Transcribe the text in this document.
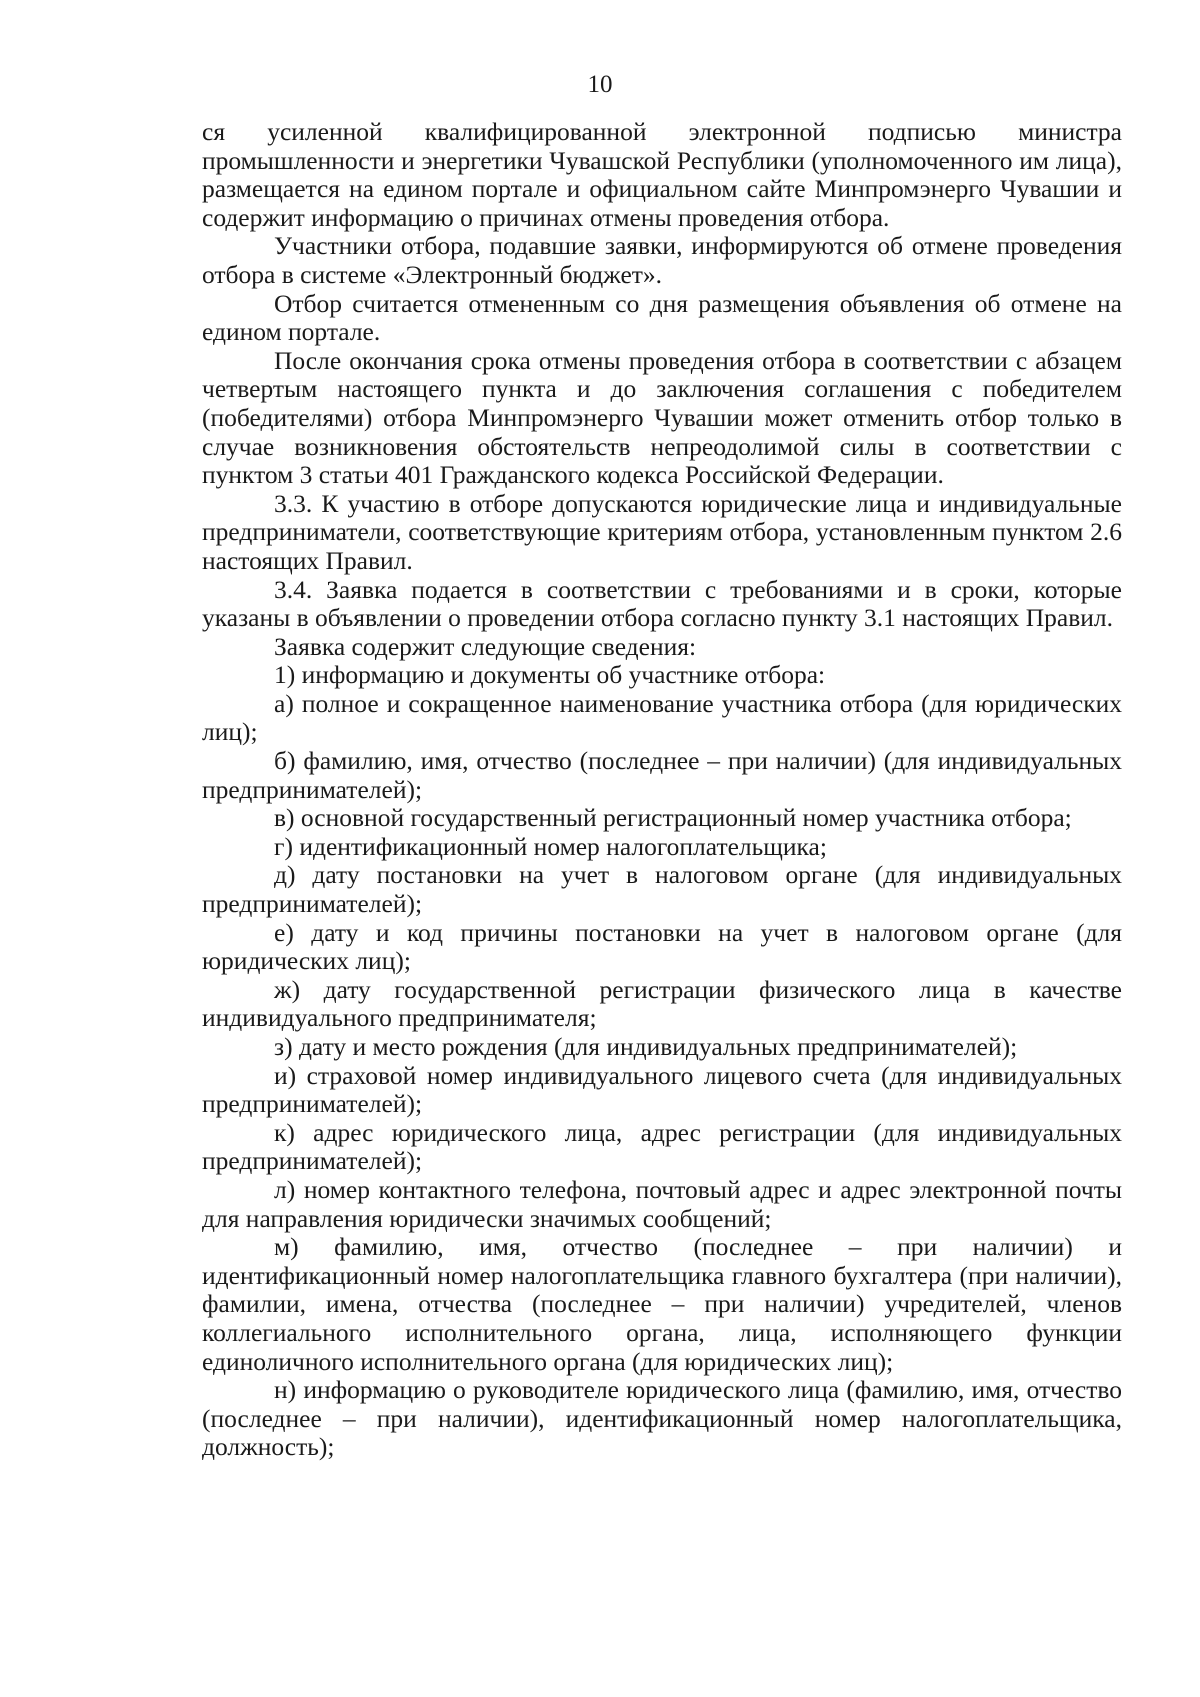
10

ся усиленной квалифицированной электронной подписью министра промышленности и энергетики Чувашской Республики (уполномоченного им лица), размещается на едином портале и официальном сайте Минпромэнерго Чувашии и содержит информацию о причинах отмены проведения отбора.

Участники отбора, подавшие заявки, информируются об отмене проведения отбора в системе «Электронный бюджет».

Отбор считается отмененным со дня размещения объявления об отмене на едином портале.

После окончания срока отмены проведения отбора в соответствии с абзацем четвертым настоящего пункта и до заключения соглашения с победителем (победителями) отбора Минпромэнерго Чувашии может отменить отбор только в случае возникновения обстоятельств непреодолимой силы в соответствии с пунктом 3 статьи 401 Гражданского кодекса Российской Федерации.

3.3. К участию в отборе допускаются юридические лица и индивидуальные предприниматели, соответствующие критериям отбора, установленным пунктом 2.6 настоящих Правил.

3.4. Заявка подается в соответствии с требованиями и в сроки, которые указаны в объявлении о проведении отбора согласно пункту 3.1 настоящих Правил.

Заявка содержит следующие сведения:

1) информацию и документы об участнике отбора:

а) полное и сокращенное наименование участника отбора (для юридических лиц);

б) фамилию, имя, отчество (последнее – при наличии) (для индивидуальных предпринимателей);

в) основной государственный регистрационный номер участника отбора;

г) идентификационный номер налогоплательщика;

д) дату постановки на учет в налоговом органе (для индивидуальных предпринимателей);

е) дату и код причины постановки на учет в налоговом органе (для юридических лиц);

ж) дату государственной регистрации физического лица в качестве индивидуального предпринимателя;

з) дату и место рождения (для индивидуальных предпринимателей);

и) страховой номер индивидуального лицевого счета (для индивидуальных предпринимателей);

к) адрес юридического лица, адрес регистрации (для индивидуальных предпринимателей);

л) номер контактного телефона, почтовый адрес и адрес электронной почты для направления юридически значимых сообщений;

м) фамилию, имя, отчество (последнее – при наличии) и идентификационный номер налогоплательщика главного бухгалтера (при наличии), фамилии, имена, отчества (последнее – при наличии) учредителей, членов коллегиального исполнительного органа, лица, исполняющего функции единоличного исполнительного органа (для юридических лиц);

н) информацию о руководителе юридического лица (фамилию, имя, отчество (последнее – при наличии), идентификационный номер налогоплательщика, должность);
